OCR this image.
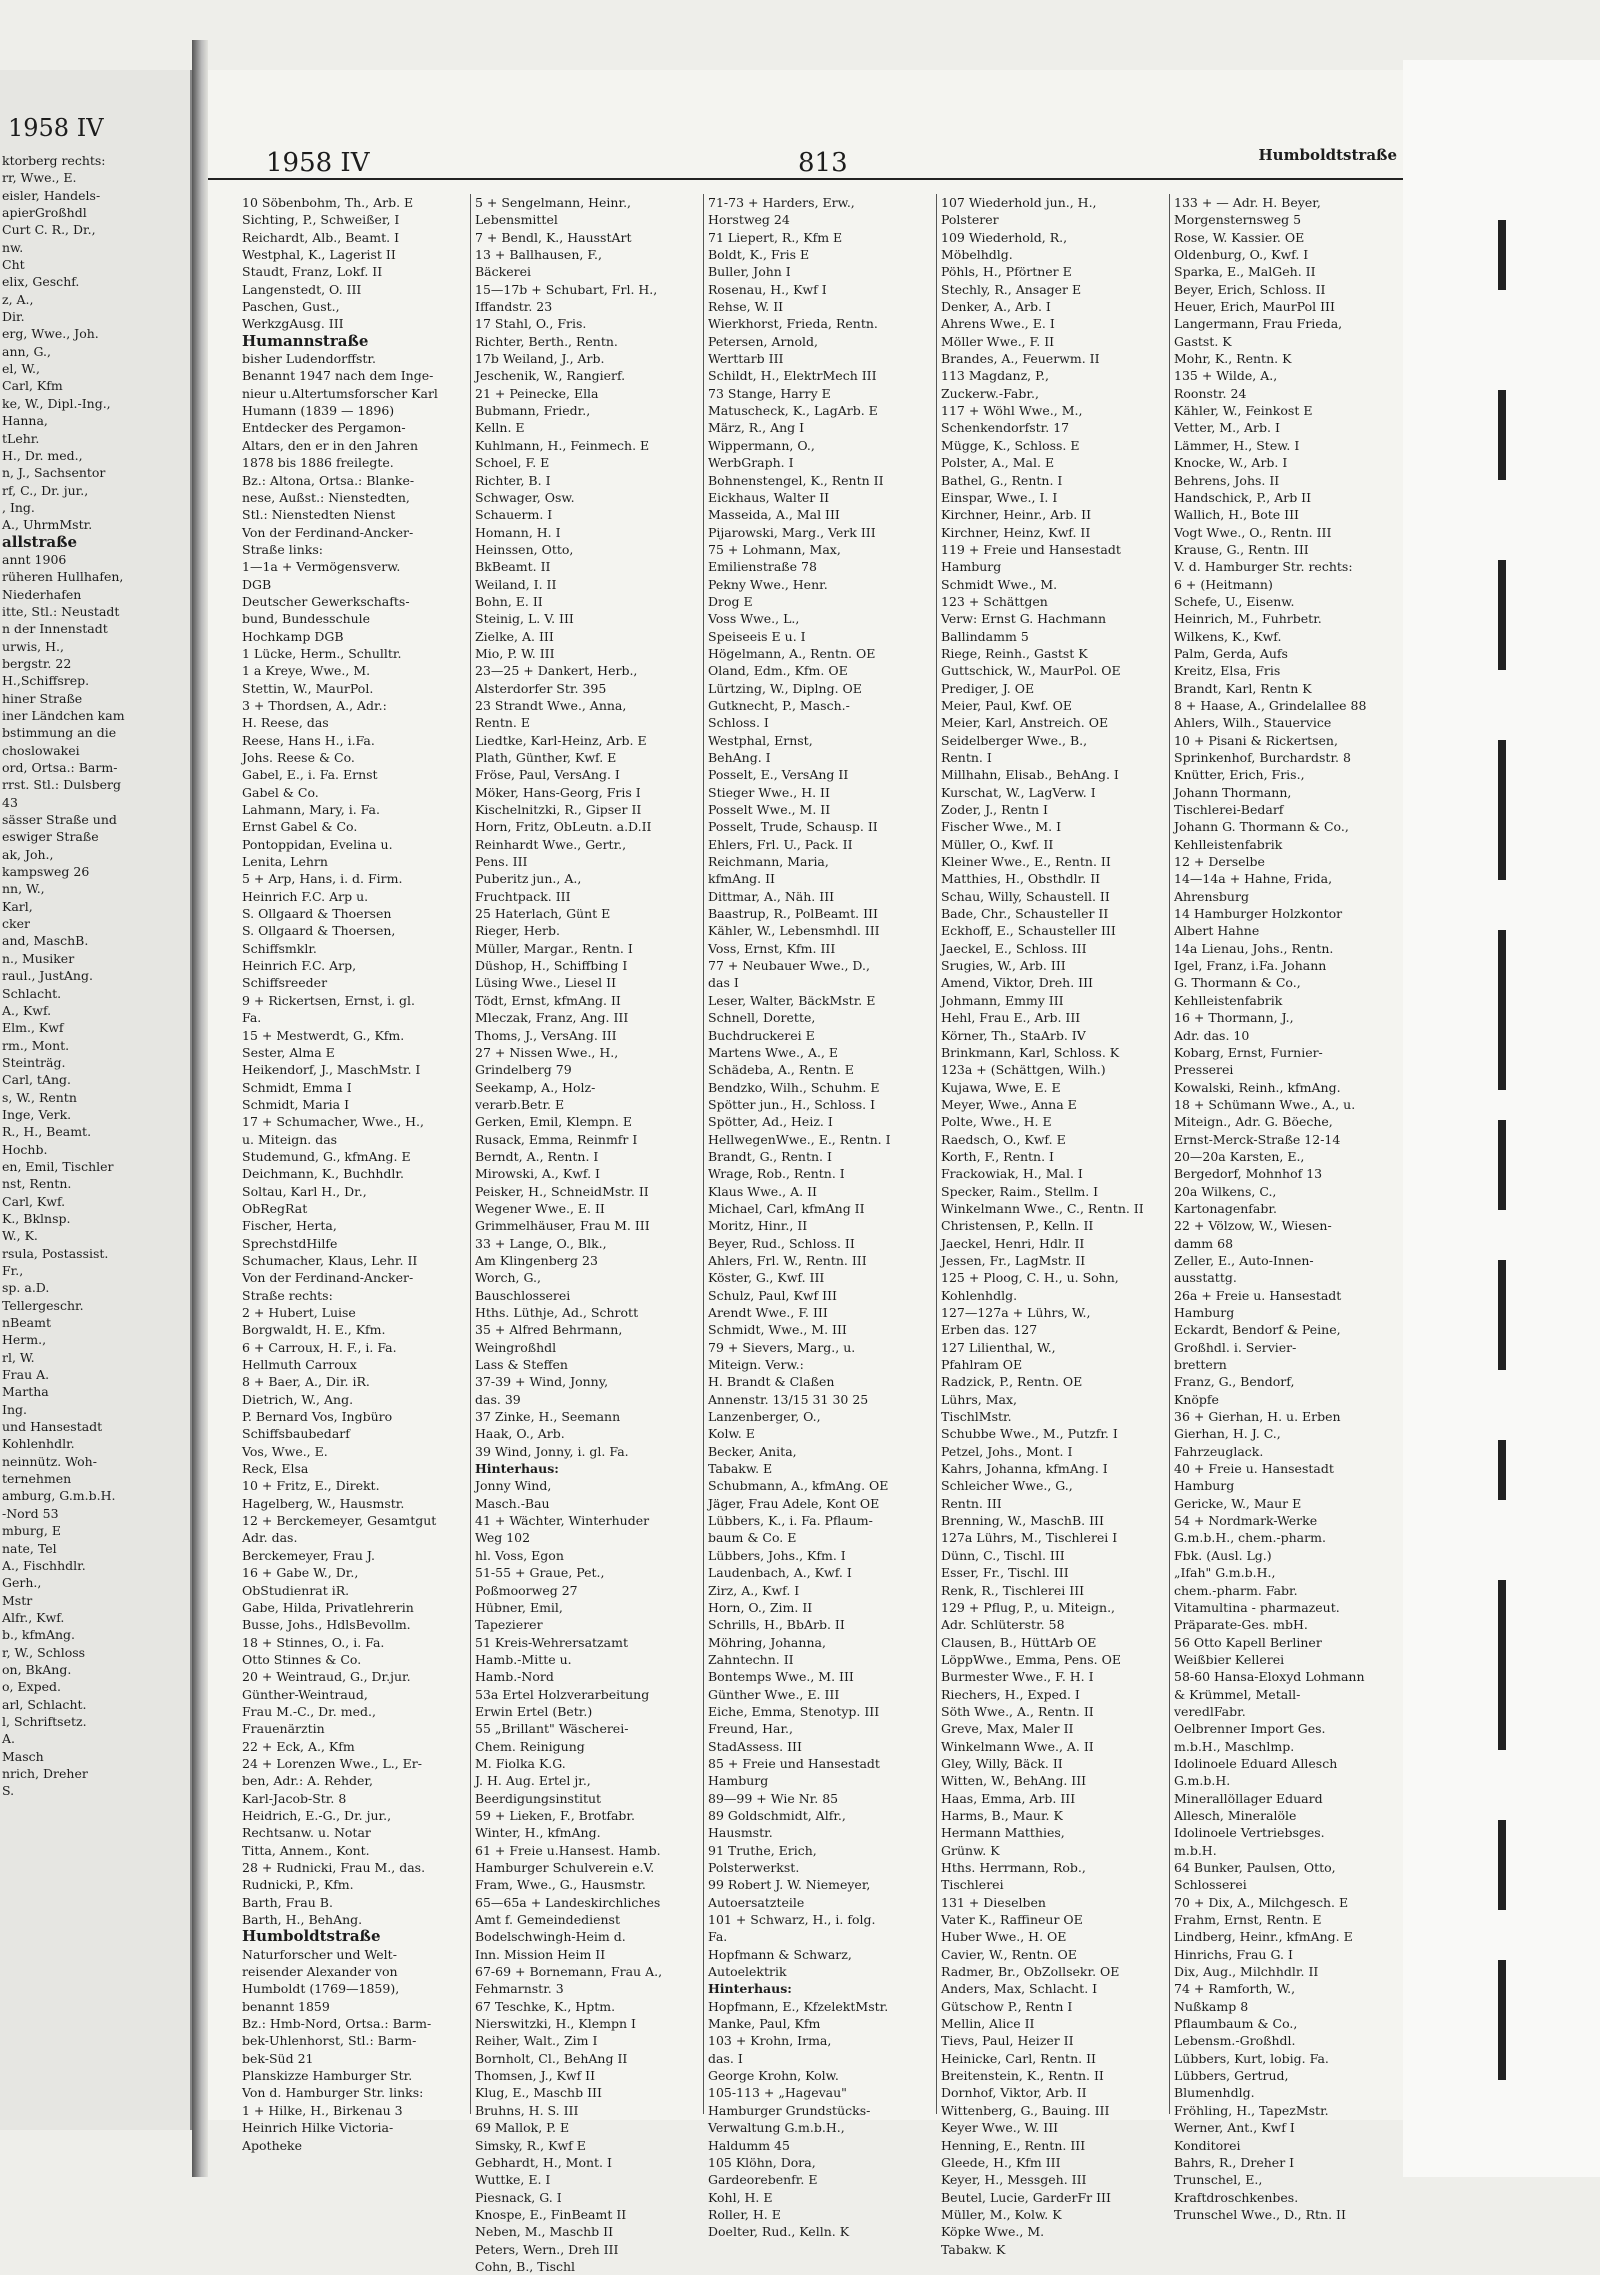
1958 IV
ktorberg rechts:
rr, Wwe., E.
eisler, Handels-
apierGroßhdl
Curt C. R., Dr.,
nw.
Cht
elix, Geschf.
z, A.,
Dir.
erg, Wwe., Joh.
ann, G.,
el, W.,
Carl, Kfm
ke, W., Dipl.-Ing.,
Hanna,
tLehr.
H., Dr. med.,
n, J., Sachsentor
rf, C., Dr. jur.,
, Ing.
A., UhrmMstr.
allstraße
annt 1906
rüheren Hullhafen,
Niederhafen
itte, Stl.: Neustadt
n der Innenstadt
urwis, H.,
bergstr. 22
H.,Schiffsrep.
hiner Straße
iner Ländchen kam
bstimmung an die
choslowakei
ord, Ortsa.: Barm-
rrst. Stl.: Dulsberg
43
sässer Straße und
eswiger Straße
ak, Joh.,
kampsweg 26
nn, W.,
Karl,
cker
and, MaschB.
n., Musiker
raul., JustAng.
Schlacht.
A., Kwf.
Elm., Kwf
rm., Mont.
Steinträg.
Carl, tAng.
s, W., Rentn
Inge, Verk.
R., H., Beamt.
Hochb.
en, Emil, Tischler
nst, Rentn.
Carl, Kwf.
K., Bklnsp.
W., K.
rsula, Postassist.
Fr.,
sp. a.D.
Tellergeschr.
nBeamt
Herm.,
rl, W.
Frau A.
Martha
Ing.
und Hansestadt
Kohlenhdlr.
neinnütz. Woh-
ternehmen
amburg, G.m.b.H.
-Nord 53
mburg, E
nate, Tel
A., Fischhdlr.
Gerh.,
Mstr
Alfr., Kwf.
b., kfmAng.
r, W., Schloss
on, BkAng.
o, Exped.
arl, Schlacht.
l, Schriftsetz.
A.
Masch
nrich, Dreher
S.
1958 IV	813	Humboldtstraße
10 Söbenbohm, Th., Arb. E
Sichting, P., Schweißer, I
Reichardt, Alb., Beamt. I
Westphal, K., Lagerist II
Staudt, Franz, Lokf. II
Langenstedt, O. III
Paschen, Gust.,
WerkzgAusg. III
Humannstraße
bisher Ludendorffstr.
Benannt 1947 nach dem Inge-
nieur u.Altertumsforscher Karl
Humann (1839 — 1896)
Entdecker des Pergamon-
Altars, den er in den Jahren
1878 bis 1886 freilegte.
Bz.: Altona, Ortsa.: Blanke-
nese, Außst.: Nienstedten,
Stl.: Nienstedten Nienst
Von der Ferdinand-Ancker-
Straße links:
1—1a + Vermögensverw.
DGB
Deutscher Gewerkschafts-
bund, Bundesschule
Hochkamp DGB
1 Lücke, Herm., Schulltr.
1 a Kreye, Wwe., M.
Stettin, W., MaurPol.
3 + Thordsen, A., Adr.:
H. Reese, das
Reese, Hans H., i.Fa.
Johs. Reese & Co.
Gabel, E., i. Fa. Ernst
Gabel & Co.
Lahmann, Mary, i. Fa.
Ernst Gabel & Co.
Pontoppidan, Evelina u.
Lenita, Lehrn
5 + Arp, Hans, i. d. Firm.
Heinrich F.C. Arp u.
S. Ollgaard & Thoersen
S. Ollgaard & Thoersen,
Schiffsmklr.
Heinrich F.C. Arp,
Schiffsreeder
9 + Rickertsen, Ernst, i. gl.
Fa.
15 + Mestwerdt, G., Kfm.
Sester, Alma E
Heikendorf, J., MaschMstr. I
Schmidt, Emma I
Schmidt, Maria I
17 + Schumacher, Wwe., H.,
u. Miteign. das
Studemund, G., kfmAng. E
Deichmann, K., Buchhdlr.
Soltau, Karl H., Dr.,
ObRegRat
Fischer, Herta,
SprechstdHilfe
Schumacher, Klaus, Lehr. II
Von der Ferdinand-Ancker-
Straße rechts:
2 + Hubert, Luise
Borgwaldt, H. E., Kfm.
6 + Carroux, H. F., i. Fa.
Hellmuth Carroux
8 + Baer, A., Dir. iR.
Dietrich, W., Ang.
P. Bernard Vos, Ingbüro
Schiffsbaubedarf
Vos, Wwe., E.
Reck, Elsa
10 + Fritz, E., Direkt.
Hagelberg, W., Hausmstr.
12 + Berckemeyer, Gesamtgut
Adr. das.
Berckemeyer, Frau J.
16 + Gabe W., Dr.,
ObStudienrat iR.
Gabe, Hilda, Privatlehrerin
Busse, Johs., HdlsBevollm.
18 + Stinnes, O., i. Fa.
Otto Stinnes & Co.
20 + Weintraud, G., Dr.jur.
Günther-Weintraud,
Frau M.-C., Dr. med.,
Frauenärztin
22 + Eck, A., Kfm
24 + Lorenzen Wwe., L., Er-
ben, Adr.: A. Rehder,
Karl-Jacob-Str. 8
Heidrich, E.-G., Dr. jur.,
Rechtsanw. u. Notar
Titta, Annem., Kont.
28 + Rudnicki, Frau M., das.
Rudnicki, P., Kfm.
Barth, Frau B.
Barth, H., BehAng.
Humboldtstraße
Naturforscher und Welt-
reisender Alexander von
Humboldt (1769—1859),
benannt 1859
Bz.: Hmb-Nord, Ortsa.: Barm-
bek-Uhlenhorst, Stl.: Barm-
bek-Süd 21
Planskizze Hamburger Str.
Von d. Hamburger Str. links:
1 + Hilke, H., Birkenau 3
Heinrich Hilke Victoria-
Apotheke
5 + Sengelmann, Heinr.,
Lebensmittel
7 + Bendl, K., HausstArt
13 + Ballhausen, F.,
Bäckerei
15—17b + Schubart, Frl. H.,
Iffandstr. 23
17 Stahl, O., Fris.
Richter, Berth., Rentn.
17b Weiland, J., Arb.
Jeschenik, W., Rangierf.
21 + Peinecke, Ella
Bubmann, Friedr.,
Kelln. E
Kuhlmann, H., Feinmech. E
Schoel, F. E
Richter, B. I
Schwager, Osw.
Schauerm. I
Homann, H. I
Heinssen, Otto,
BkBeamt. II
Weiland, I. II
Bohn, E. II
Steinig, L. V. III
Zielke, A. III
Mio, P. W. III
23—25 + Dankert, Herb.,
Alsterdorfer Str. 395
23 Strandt Wwe., Anna,
Rentn. E
Liedtke, Karl-Heinz, Arb. E
Plath, Günther, Kwf. E
Fröse, Paul, VersAng. I
Möker, Hans-Georg, Fris I
Kischelnitzki, R., Gipser II
Horn, Fritz, ObLeutn. a.D.II
Reinhardt Wwe., Gertr.,
Pens. III
Puberitz jun., A.,
Fruchtpack. III
25 Haterlach, Günt E
Rieger, Herb.
Müller, Margar., Rentn. I
Düshop, H., Schiffbing I
Lüsing Wwe., Liesel II
Tödt, Ernst, kfmAng. II
Mleczak, Franz, Ang. III
Thoms, J., VersAng. III
27 + Nissen Wwe., H.,
Grindelberg 79
Seekamp, A., Holz-
verarb.Betr. E
Gerken, Emil, Klempn. E
Rusack, Emma, Reinmfr I
Berndt, A., Rentn. I
Mirowski, A., Kwf. I
Peisker, H., SchneidMstr. II
Wegener Wwe., E. II
Grimmelhäuser, Frau M. III
33 + Lange, O., Blk.,
Am Klingenberg 23
Worch, G.,
Bauschlosserei
Hths. Lüthje, Ad., Schrott
35 + Alfred Behrmann,
Weingroßhdl
Lass & Steffen
37-39 + Wind, Jonny,
das. 39
37 Zinke, H., Seemann
Haak, O., Arb.
39 Wind, Jonny, i. gl. Fa.
Hinterhaus:
Jonny Wind,
Masch.-Bau
41 + Wächter, Winterhuder
Weg 102
hl. Voss, Egon
51-55 + Graue, Pet.,
Poßmoorweg 27
Hübner, Emil,
Tapezierer
51 Kreis-Wehrersatzamt
Hamb.-Mitte u.
Hamb.-Nord
53a Ertel Holzverarbeitung
Erwin Ertel (Betr.)
55 „Brillant" Wäscherei-
Chem. Reinigung
M. Fiolka K.G.
J. H. Aug. Ertel jr.,
Beerdigungsinstitut
59 + Lieken, F., Brotfabr.
Winter, H., kfmAng.
61 + Freie u.Hansest. Hamb.
Hamburger Schulverein e.V.
Fram, Wwe., G., Hausmstr.
65—65a + Landeskirchliches
Amt f. Gemeindedienst
Bodelschwingh-Heim d.
Inn. Mission Heim II
67-69 + Bornemann, Frau A.,
Fehmarnstr. 3
67 Teschke, K., Hptm.
Nierswitzki, H., Klempn I
Reiher, Walt., Zim I
Bornholt, Cl., BehAng II
Thomsen, J., Kwf II
Klug, E., Maschb III
Bruhns, H. S. III
69 Mallok, P. E
Simsky, R., Kwf E
Gebhardt, H., Mont. I
Wuttke, E. I
Piesnack, G. I
Knospe, E., FinBeamt II
Neben, M., Maschb II
Peters, Wern., Dreh III
Cohn, B., Tischl
71-73 + Harders, Erw.,
Horstweg 24
71 Liepert, R., Kfm E
Boldt, K., Fris E
Buller, John I
Rosenau, H., Kwf I
Rehse, W. II
Wierkhorst, Frieda, Rentn.
Petersen, Arnold,
Werttarb III
Schildt, H., ElektrMech III
73 Stange, Harry E
Matuscheck, K., LagArb. E
März, R., Ang I
Wippermann, O.,
WerbGraph. I
Bohnenstengel, K., Rentn II
Eickhaus, Walter II
Masseida, A., Mal III
Pijarowski, Marg., Verk III
75 + Lohmann, Max,
Emilienstraße 78
Pekny Wwe., Henr.
Drog E
Voss Wwe., L.,
Speiseeis E u. I
Högelmann, A., Rentn. OE
Oland, Edm., Kfm. OE
Lürtzing, W., Diplng. OE
Gutknecht, P., Masch.-
Schloss. I
Westphal, Ernst,
BehAng. I
Posselt, E., VersAng II
Stieger Wwe., H. II
Posselt Wwe., M. II
Posselt, Trude, Schausp. II
Ehlers, Frl. U., Pack. II
Reichmann, Maria,
kfmAng. II
Dittmar, A., Näh. III
Baastrup, R., PolBeamt. III
Kähler, W., Lebensmhdl. III
Voss, Ernst, Kfm. III
77 + Neubauer Wwe., D.,
das I
Leser, Walter, BäckMstr. E
Schnell, Dorette,
Buchdruckerei E
Martens Wwe., A., E
Schädeba, A., Rentn. E
Bendzko, Wilh., Schuhm. E
Spötter jun., H., Schloss. I
Spötter, Ad., Heiz. I
HellwegenWwe., E., Rentn. I
Brandt, G., Rentn. I
Wrage, Rob., Rentn. I
Klaus Wwe., A. II
Michael, Carl, kfmAng II
Moritz, Hinr., II
Beyer, Rud., Schloss. II
Ahlers, Frl. W., Rentn. III
Köster, G., Kwf. III
Schulz, Paul, Kwf III
Arendt Wwe., F. III
Schmidt, Wwe., M. III
79 + Sievers, Marg., u.
Miteign. Verw.:
H. Brandt & Claßen
Annenstr. 13/15 31 30 25
Lanzenberger, O.,
Kolw. E
Becker, Anita,
Tabakw. E
Schubmann, A., kfmAng. OE
Jäger, Frau Adele, Kont OE
Lübbers, K., i. Fa. Pflaum-
baum & Co. E
Lübbers, Johs., Kfm. I
Laudenbach, A., Kwf. I
Zirz, A., Kwf. I
Horn, O., Zim. II
Schrills, H., BbArb. II
Möhring, Johanna,
Zahntechn. II
Bontemps Wwe., M. III
Günther Wwe., E. III
Eiche, Emma, Stenotyp. III
Freund, Har.,
StadAssess. III
85 + Freie und Hansestadt
Hamburg
89—99 + Wie Nr. 85
89 Goldschmidt, Alfr.,
Hausmstr.
91 Truthe, Erich,
Polsterwerkst.
99 Robert J. W. Niemeyer,
Autoersatzteile
101 + Schwarz, H., i. folg.
Fa.
Hopfmann & Schwarz,
Autoelektrik
Hinterhaus:
Hopfmann, E., KfzelektMstr.
Manke, Paul, Kfm
103 + Krohn, Irma,
das. I
George Krohn, Kolw.
105-113 + „Hagevau"
Hamburger Grundstücks-
Verwaltung G.m.b.H.,
Haldumm 45
105 Klöhn, Dora,
Gardeorebenfr. E
Kohl, H. E
Roller, H. E
Doelter, Rud., Kelln. K
107 Wiederhold jun., H.,
Polsterer
109 Wiederhold, R.,
Möbelhdlg.
Pöhls, H., Pförtner E
Stechly, R., Ansager E
Denker, A., Arb. I
Ahrens Wwe., E. I
Möller Wwe., F. II
Brandes, A., Feuerwm. II
113 Magdanz, P.,
Zuckerw.-Fabr.,
117 + Wöhl Wwe., M.,
Schenkendorfstr. 17
Mügge, K., Schloss. E
Polster, A., Mal. E
Bathel, G., Rentn. I
Einspar, Wwe., I. I
Kirchner, Heinr., Arb. II
Kirchner, Heinz, Kwf. II
119 + Freie und Hansestadt
Hamburg
Schmidt Wwe., M.
123 + Schättgen
Verw: Ernst G. Hachmann
Ballindamm 5
Riege, Reinh., Gastst K
Guttschick, W., MaurPol. OE
Prediger, J. OE
Meier, Paul, Kwf. OE
Meier, Karl, Anstreich. OE
Seidelberger Wwe., B.,
Rentn. I
Millhahn, Elisab., BehAng. I
Kurschat, W., LagVerw. I
Zoder, J., Rentn I
Fischer Wwe., M. I
Müller, O., Kwf. II
Kleiner Wwe., E., Rentn. II
Matthies, H., Obsthdlr. II
Schau, Willy, Schaustell. II
Bade, Chr., Schausteller II
Eckhoff, E., Schausteller III
Jaeckel, E., Schloss. III
Srugies, W., Arb. III
Amend, Viktor, Dreh. III
Johmann, Emmy III
Hehl, Frau E., Arb. III
Körner, Th., StaArb. IV
Brinkmann, Karl, Schloss. K
123a + (Schättgen, Wilh.)
Kujawa, Wwe, E. E
Meyer, Wwe., Anna E
Polte, Wwe., H. E
Raedsch, O., Kwf. E
Korth, F., Rentn. I
Frackowiak, H., Mal. I
Specker, Raim., Stellm. I
Winkelmann Wwe., C., Rentn. II
Christensen, P., Kelln. II
Jaeckel, Henri, Hdlr. II
Jessen, Fr., LagMstr. II
125 + Ploog, C. H., u. Sohn,
Kohlenhdlg.
127—127a + Lührs, W.,
Erben das. 127
127 Lilienthal, W.,
Pfahlram OE
Radzick, P., Rentn. OE
Lührs, Max,
TischlMstr.
Schubbe Wwe., M., Putzfr. I
Petzel, Johs., Mont. I
Kahrs, Johanna, kfmAng. I
Schleicher Wwe., G.,
Rentn. III
Brenning, W., MaschB. III
127a Lührs, M., Tischlerei I
Dünn, C., Tischl. III
Esser, Fr., Tischl. III
Renk, R., Tischlerei III
129 + Pflug, P., u. Miteign.,
Adr. Schlüterstr. 58
Clausen, B., HüttArb OE
LöppWwe., Emma, Pens. OE
Burmester Wwe., F. H. I
Riechers, H., Exped. I
Söth Wwe., A., Rentn. II
Greve, Max, Maler II
Winkelmann Wwe., A. II
Gley, Willy, Bäck. II
Witten, W., BehAng. III
Haas, Emma, Arb. III
Harms, B., Maur. K
Hermann Matthies,
Grünw. K
Hths. Herrmann, Rob.,
Tischlerei
131 + Dieselben
Vater K., Raffineur OE
Huber Wwe., H. OE
Cavier, W., Rentn. OE
Radmer, Br., ObZollsekr. OE
Anders, Max, Schlacht. I
Gütschow P., Rentn I
Mellin, Alice II
Tievs, Paul, Heizer II
Heinicke, Carl, Rentn. II
Breitenstein, K., Rentn. II
Dornhof, Viktor, Arb. II
Wittenberg, G., Bauing. III
Keyer Wwe., W. III
Henning, E., Rentn. III
Gleede, H., Kfm III
Keyer, H., Messgeh. III
Beutel, Lucie, GarderFr III
Müller, M., Kolw. K
Köpke Wwe., M.
Tabakw. K
133 + — Adr. H. Beyer,
Morgensternsweg 5
Rose, W. Kassier. OE
Oldenburg, O., Kwf. I
Sparka, E., MalGeh. II
Beyer, Erich, Schloss. II
Heuer, Erich, MaurPol III
Langermann, Frau Frieda,
Gastst. K
Mohr, K., Rentn. K
135 + Wilde, A.,
Roonstr. 24
Kähler, W., Feinkost E
Vetter, M., Arb. I
Lämmer, H., Stew. I
Knocke, W., Arb. I
Behrens, Johs. II
Handschick, P., Arb II
Wallich, H., Bote III
Vogt Wwe., O., Rentn. III
Krause, G., Rentn. III
V. d. Hamburger Str. rechts:
6 + (Heitmann)
Schefe, U., Eisenw.
Heinrich, M., Fuhrbetr.
Wilkens, K., Kwf.
Palm, Gerda, Aufs
Kreitz, Elsa, Fris
Brandt, Karl, Rentn K
8 + Haase, A., Grindelallee 88
Ahlers, Wilh., Stauervice
10 + Pisani & Rickertsen,
Sprinkenhof, Burchardstr. 8
Knütter, Erich, Fris.,
Johann Thormann,
Tischlerei-Bedarf
Johann G. Thormann & Co.,
Kehlleistenfabrik
12 + Derselbe
14—14a + Hahne, Frida,
Ahrensburg
14 Hamburger Holzkontor
Albert Hahne
14a Lienau, Johs., Rentn.
Igel, Franz, i.Fa. Johann
G. Thormann & Co.,
Kehlleistenfabrik
16 + Thormann, J.,
Adr. das. 10
Kobarg, Ernst, Furnier-
Presserei
Kowalski, Reinh., kfmAng.
18 + Schümann Wwe., A., u.
Miteign., Adr. G. Böeche,
Ernst-Merck-Straße 12-14
20—20a Karsten, E.,
Bergedorf, Mohnhof 13
20a Wilkens, C.,
Kartonagenfabr.
22 + Völzow, W., Wiesen-
damm 68
Zeller, E., Auto-Innen-
ausstattg.
26a + Freie u. Hansestadt
Hamburg
Eckardt, Bendorf & Peine,
Großhdl. i. Servier-
brettern
Franz, G., Bendorf,
Knöpfe
36 + Gierhan, H. u. Erben
Gierhan, H. J. C.,
Fahrzeuglack.
40 + Freie u. Hansestadt
Hamburg
Gericke, W., Maur E
54 + Nordmark-Werke
G.m.b.H., chem.-pharm.
Fbk. (Ausl. Lg.)
„Ifah" G.m.b.H.,
chem.-pharm. Fabr.
Vitamultina - pharmazeut.
Präparate-Ges. mbH.
56 Otto Kapell Berliner
Weißbier Kellerei
58-60 Hansa-Eloxyd Lohmann
& Krümmel, Metall-
veredlFabr.
Oelbrenner Import Ges.
m.b.H., Maschlmp.
Idolinoele Eduard Allesch
G.m.b.H.
Minerallöllager Eduard
Allesch, Mineralöle
Idolinoele Vertriebsges.
m.b.H.
64 Bunker, Paulsen, Otto,
Schlosserei
70 + Dix, A., Milchgesch. E
Frahm, Ernst, Rentn. E
Lindberg, Heinr., kfmAng. E
Hinrichs, Frau G. I
Dix, Aug., Milchhdlr. II
74 + Ramforth, W.,
Nußkamp 8
Pflaumbaum & Co.,
Lebensm.-Großhdl.
Lübbers, Kurt, lobig. Fa.
Lübbers, Gertrud,
Blumenhdlg.
Fröhling, H., TapezMstr.
Werner, Ant., Kwf I
Konditorei
Bahrs, R., Dreher I
Trunschel, E.,
Kraftdroschkenbes.
Trunschel Wwe., D., Rtn. II
